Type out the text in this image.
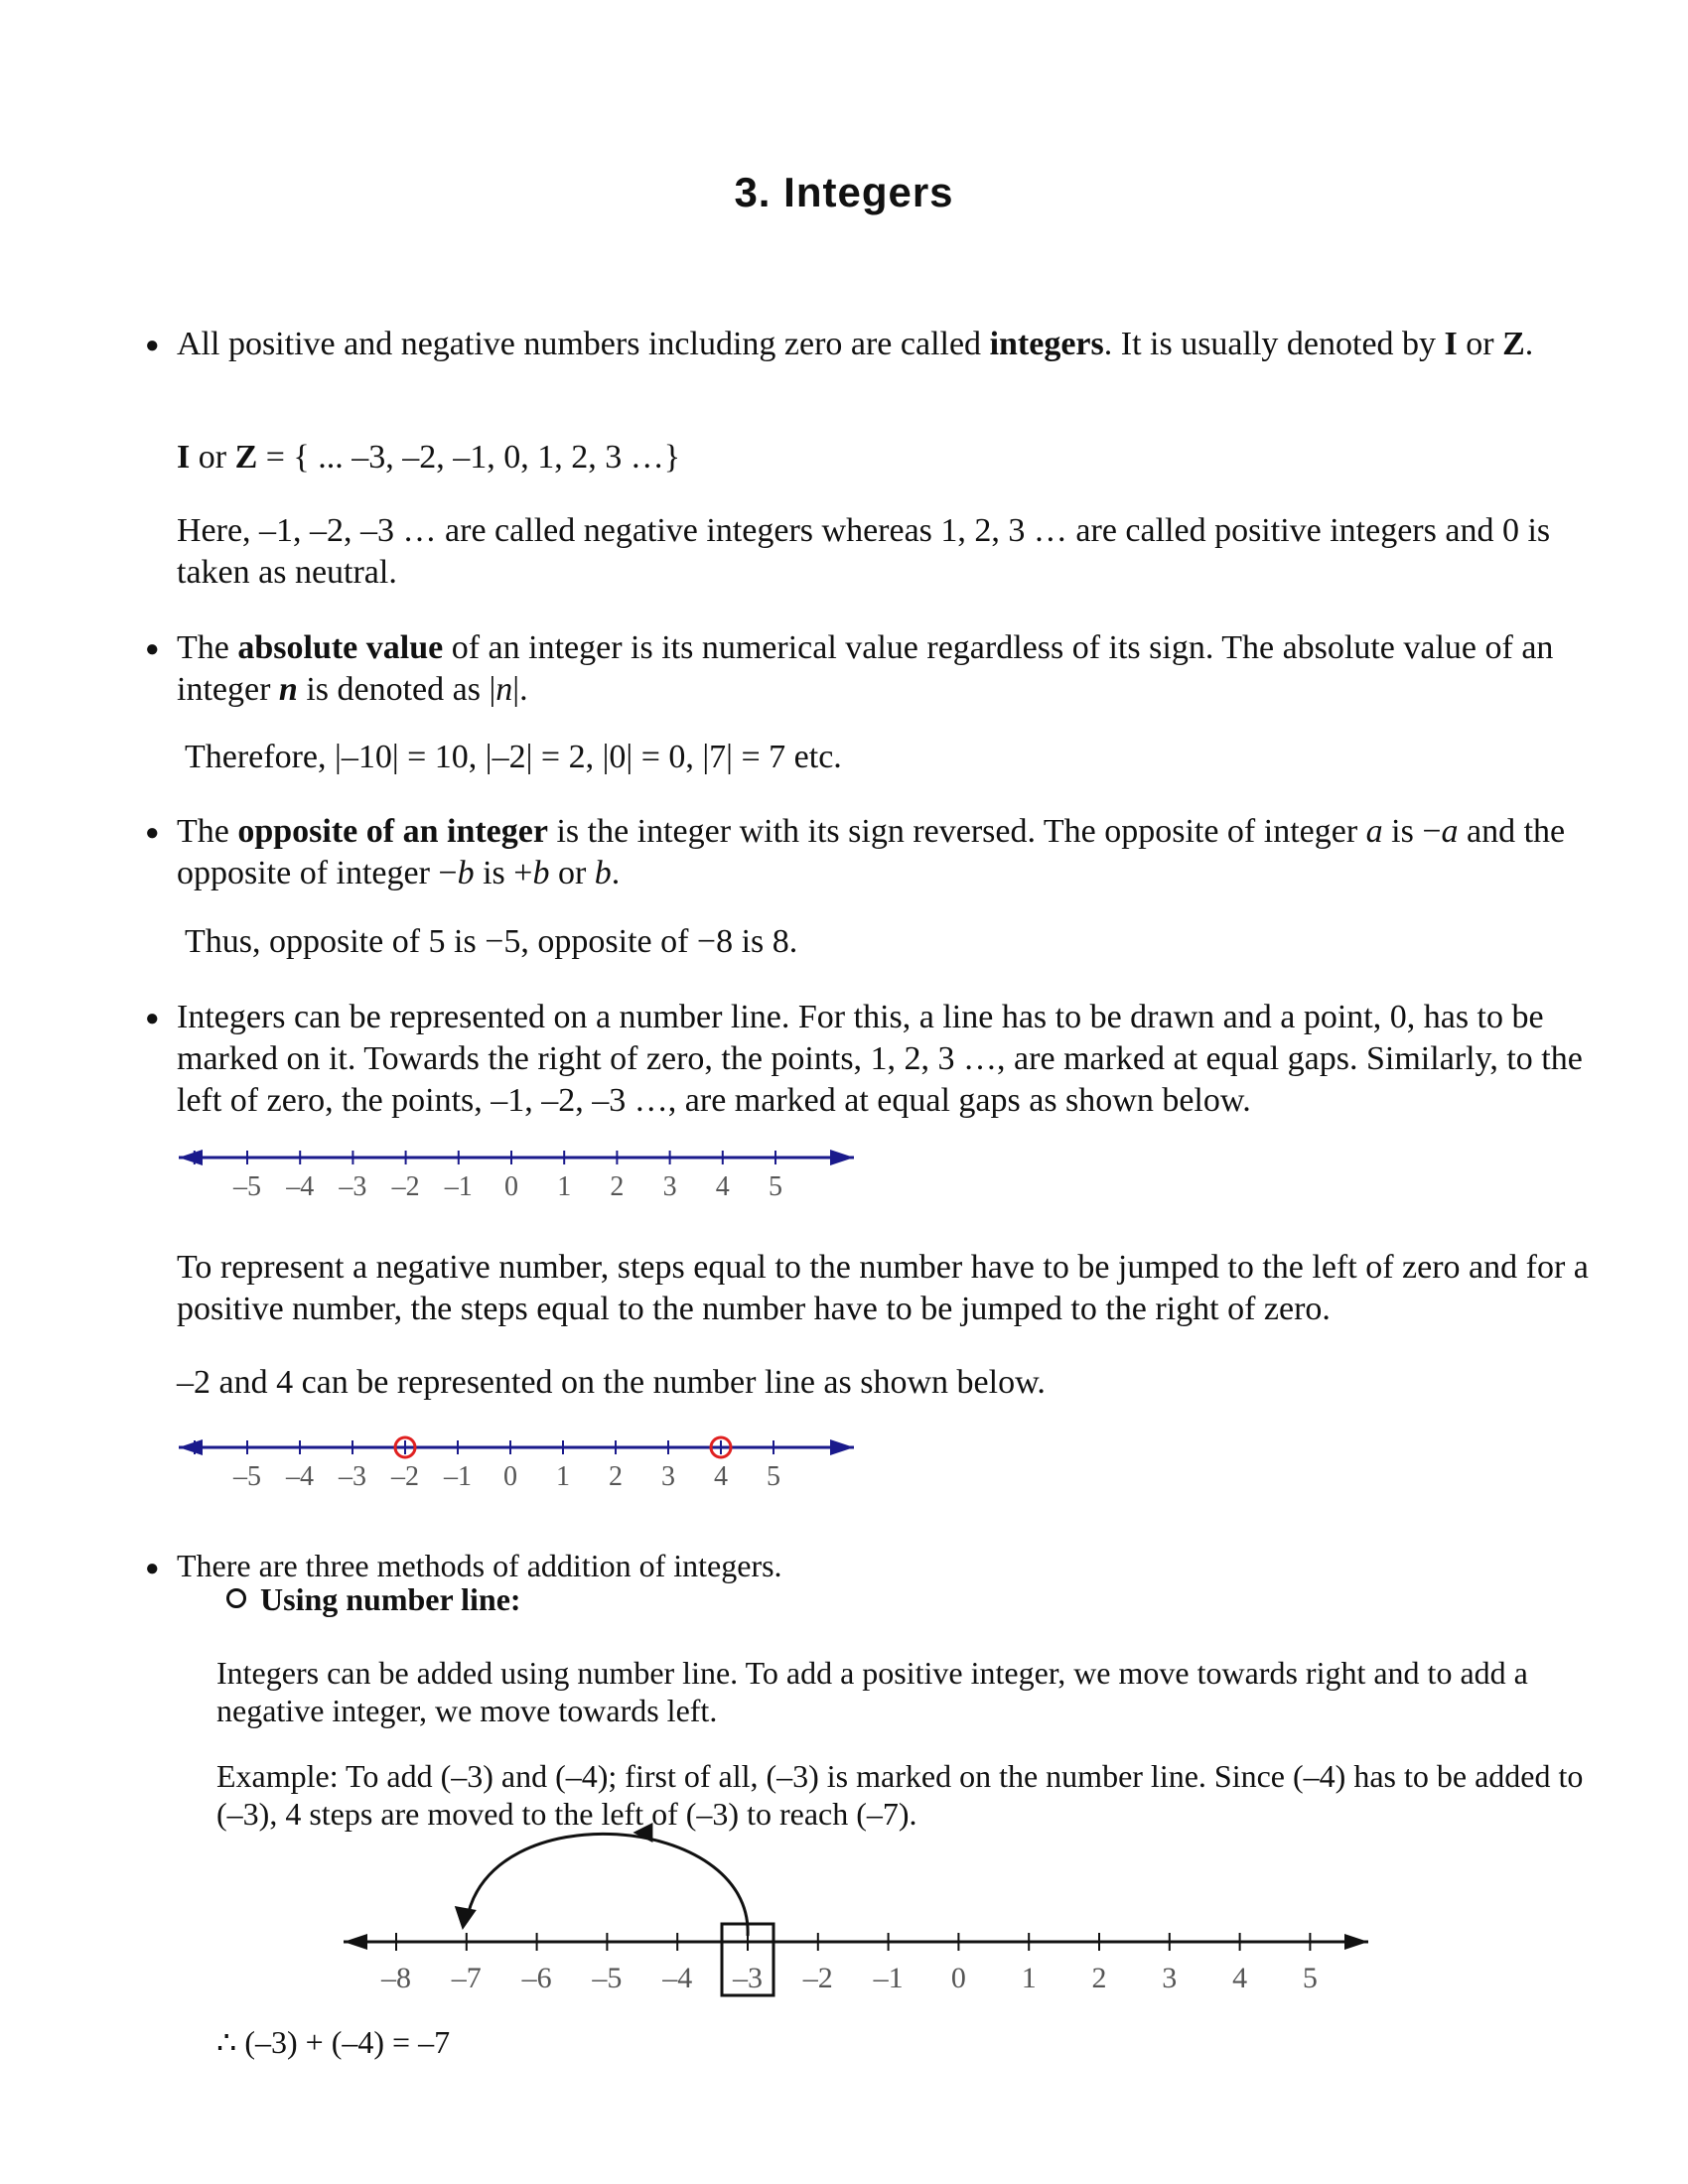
3. Integers
● All positive and negative numbers including zero are called integers. It is usually denoted by I or Z.

I or Z = { ... –3, –2, –1, 0, 1, 2, 3 …}

Here, –1, –2, –3 … are called negative integers whereas 1, 2, 3 … are called positive integers and 0 is taken as neutral.

● The absolute value of an integer is its numerical value regardless of its sign. The absolute value of an integer n is denoted as |n|.

Therefore, |–10| = 10, |–2| = 2, |0| = 0, |7| = 7 etc.

● The opposite of an integer is the integer with its sign reversed. The opposite of integer a is −a and the opposite of integer −b is +b or b.

Thus, opposite of 5 is −5, opposite of −8 is 8.

● Integers can be represented on a number line. For this, a line has to be drawn and a point, 0, has to be marked on it. Towards the right of zero, the points, 1, 2, 3 …, are marked at equal gaps. Similarly, to the left of zero, the points, –1, –2, –3 …, are marked at equal gaps as shown below.

–5 –4 –3 –2 –1 0 1 2 3 4 5
–5 –4 –3 –2 –1 0 1 2 3 4 5
–8 –7 –6 –5 –4 –3 –2 –1 0 1 2 3 4 5

To represent a negative number, steps equal to the number have to be jumped to the left of zero and for a positive number, the steps equal to the number have to be jumped to the right of zero.

–2 and 4 can be represented on the number line as shown below.

● There are three methods of addition of integers.

Using number line:

Integers can be added using number line. To add a positive integer, we move towards right and to add a negative integer, we move towards left.

Example: To add (–3) and (–4); first of all, (–3) is marked on the number line. Since (–4) has to be added to (–3), 4 steps are moved to the left of (–3) to reach (–7).

∴ (–3) + (–4) = –7
